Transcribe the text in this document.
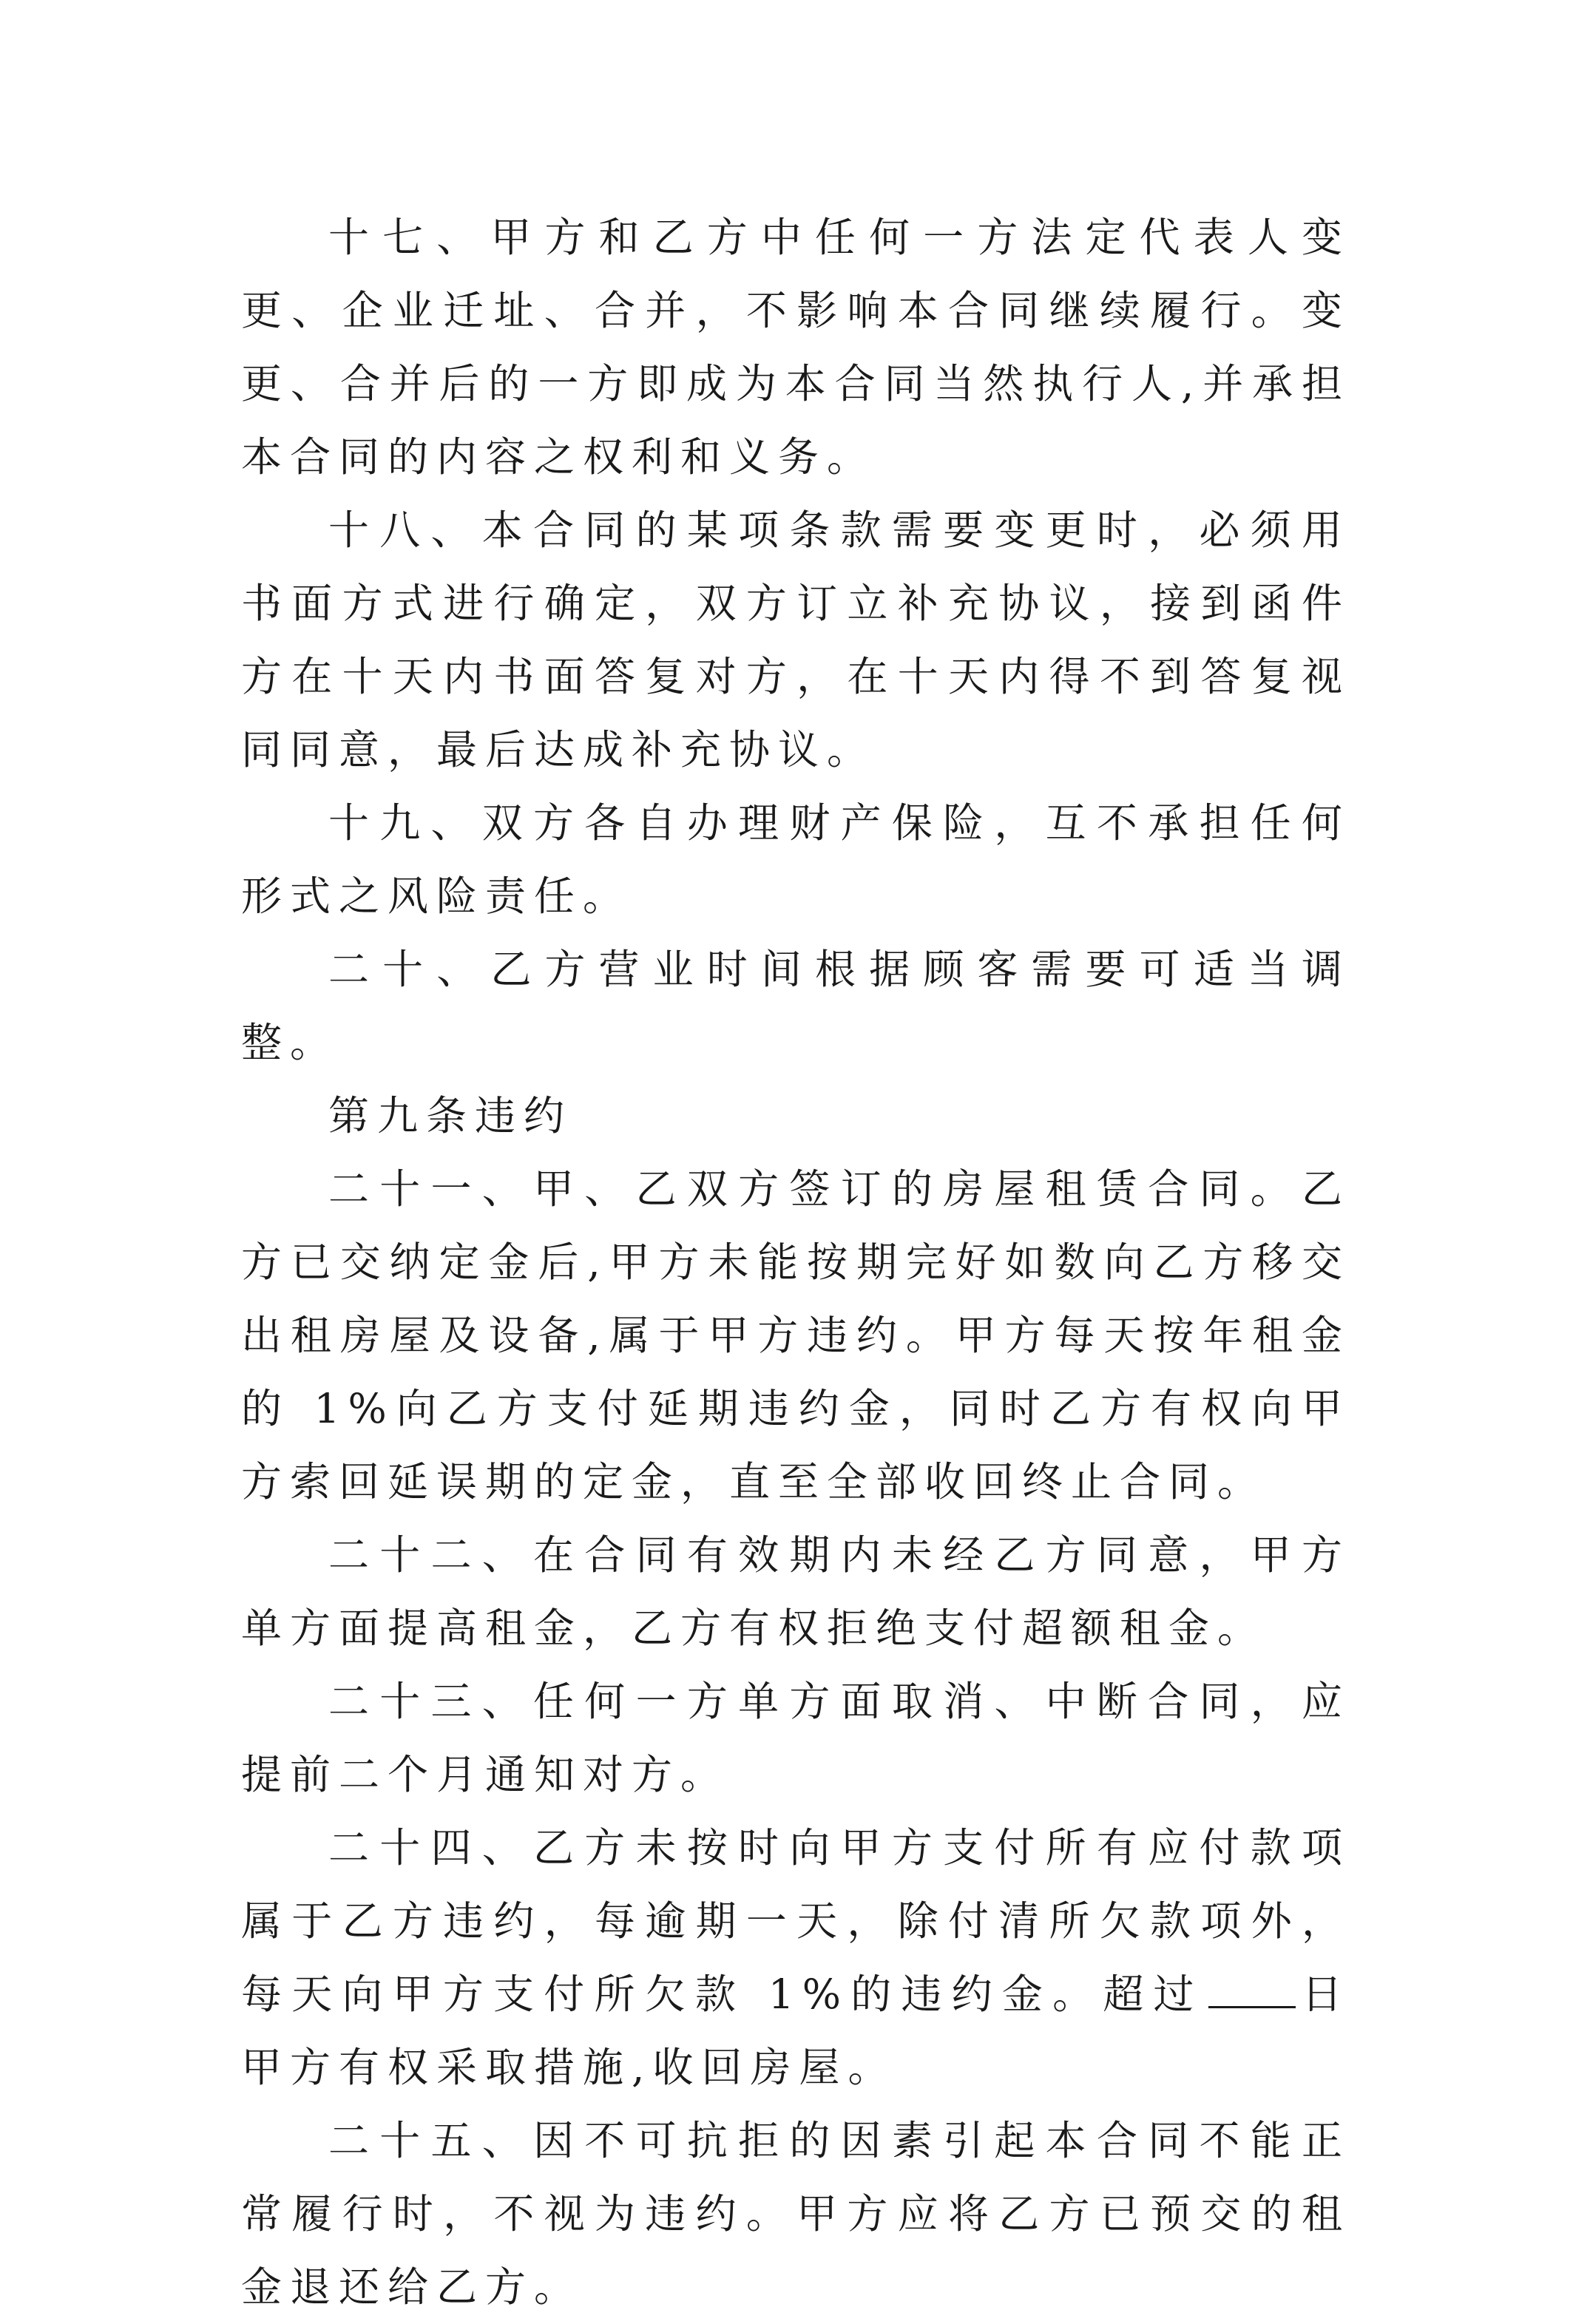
十七、甲方和乙方中任何一方法定代表人变更、企业迁址、合并，不影响本合同继续履行。变更、合并后的一方即成为本合同当然执行人,并承担本合同的内容之权利和义务。

十八、本合同的某项条款需要变更时，必须用书面方式进行确定，双方订立补充协议，接到函件方在十天内书面答复对方，在十天内得不到答复视同同意，最后达成补充协议。

十九、双方各自办理财产保险，互不承担任何形式之风险责任。

二十、乙方营业时间根据顾客需要可适当调整。

第九条违约

二十一、甲、乙双方签订的房屋租赁合同。乙方已交纳定金后,甲方未能按期完好如数向乙方移交出租房屋及设备,属于甲方违约。甲方每天按年租金的 1%向乙方支付延期违约金，同时乙方有权向甲方索回延误期的定金，直至全部收回终止合同。

二十二、在合同有效期内未经乙方同意，甲方单方面提高租金，乙方有权拒绝支付超额租金。

二十三、任何一方单方面取消、中断合同，应提前二个月通知对方。

二十四、乙方未按时向甲方支付所有应付款项属于乙方违约，每逾期一天，除付清所欠款项外，每天向甲方支付所欠款 1%的违约金。超过 日甲方有权采取措施,收回房屋。

二十五、因不可抗拒的因素引起本合同不能正常履行时，不视为违约。甲方应将乙方已预交的租金退还给乙方。
